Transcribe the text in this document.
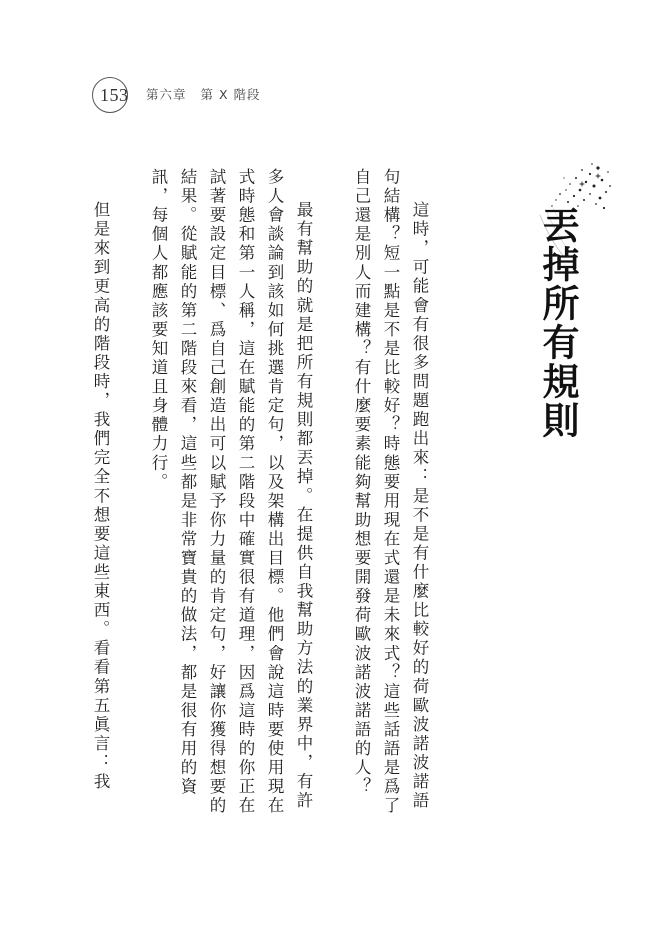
153 第六章 第 X 階段
丟掉所有規則

這時，可能會有很多問題跑出來：是不是有什麼比較好的荷歐波諾波諾語句結構？短一點是不是比較好？時態要用現在式還是未來式？這些話語是爲了自己還是別人而建構？有什麼要素能夠幫助想要開發荷歐波諾波諾語的人？

最有幫助的就是把所有規則都丟掉。在提供自我幫助方法的業界中，有許多人會談論到該如何挑選肯定句，以及架構出目標。他們會說這時要使用現在式時態和第一人稱，這在賦能的第二階段中確實很有道理，因爲這時的你正在試著要設定目標、爲自己創造出可以賦予你力量的肯定句，好讓你獲得想要的結果。從賦能的第二階段來看，這些都是非常寶貴的做法，都是很有用的資訊，每個人都應該要知道且身體力行。

但是來到更高的階段時，我們完全不想要這些東西。看看第五眞言：我
